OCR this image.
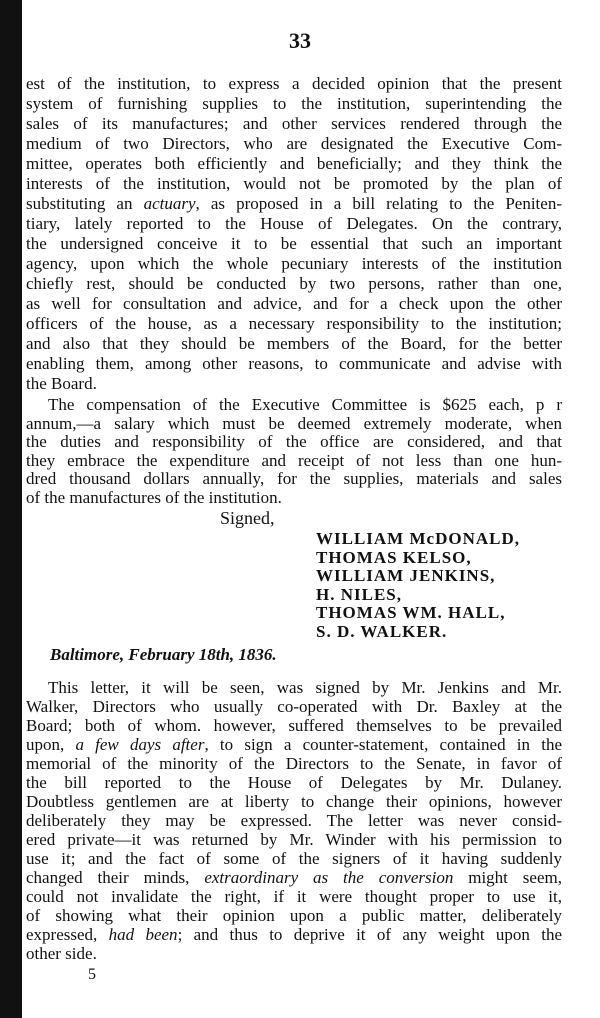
33
est of the institution, to express a decided opinion that the present
system of furnishing supplies to the institution, superintending the
sales of its manufactures; and other services rendered through the
medium of two Directors, who are designated the Executive Com-
mittee, operates both efficiently and beneficially; and they think the
interests of the institution, would not be promoted by the plan of
substituting an actuary, as proposed in a bill relating to the Peniten-
tiary, lately reported to the House of Delegates. On the contrary,
the undersigned conceive it to be essential that such an important
agency, upon which the whole pecuniary interests of the institution
chiefly rest, should be conducted by two persons, rather than one,
as well for consultation and advice, and for a check upon the other
officers of the house, as a necessary responsibility to the institution;
and also that they should be members of the Board, for the better
enabling them, among other reasons, to communicate and advise with
the Board.
The compensation of the Executive Committee is $625 each, p r
annum,—a salary which must be deemed extremely moderate, when
the duties and responsibility of the office are considered, and that
they embrace the expenditure and receipt of not less than one hun-
dred thousand dollars annually, for the supplies, materials and sales
of the manufactures of the institution.
Signed,
WILLIAM McDONALD,
THOMAS KELSO,
WILLIAM JENKINS,
H. NILES,
THOMAS WM. HALL,
S. D. WALKER.
Baltimore, February 18th, 1836.
This letter, it will be seen, was signed by Mr. Jenkins and Mr.
Walker, Directors who usually co-operated with Dr. Baxley at the
Board; both of whom. however, suffered themselves to be prevailed
upon, a few days after, to sign a counter-statement, contained in the
memorial of the minority of the Directors to the Senate, in favor of
the bill reported to the House of Delegates by Mr. Dulaney.
Doubtless gentlemen are at liberty to change their opinions, however
deliberately they may be expressed. The letter was never consid-
ered private—it was returned by Mr. Winder with his permission to
use it; and the fact of some of the signers of it having suddenly
changed their minds, extraordinary as the conversion might seem,
could not invalidate the right, if it were thought proper to use it,
of showing what their opinion upon a public matter, deliberately
expressed, had been; and thus to deprive it of any weight upon the
other side.
5
